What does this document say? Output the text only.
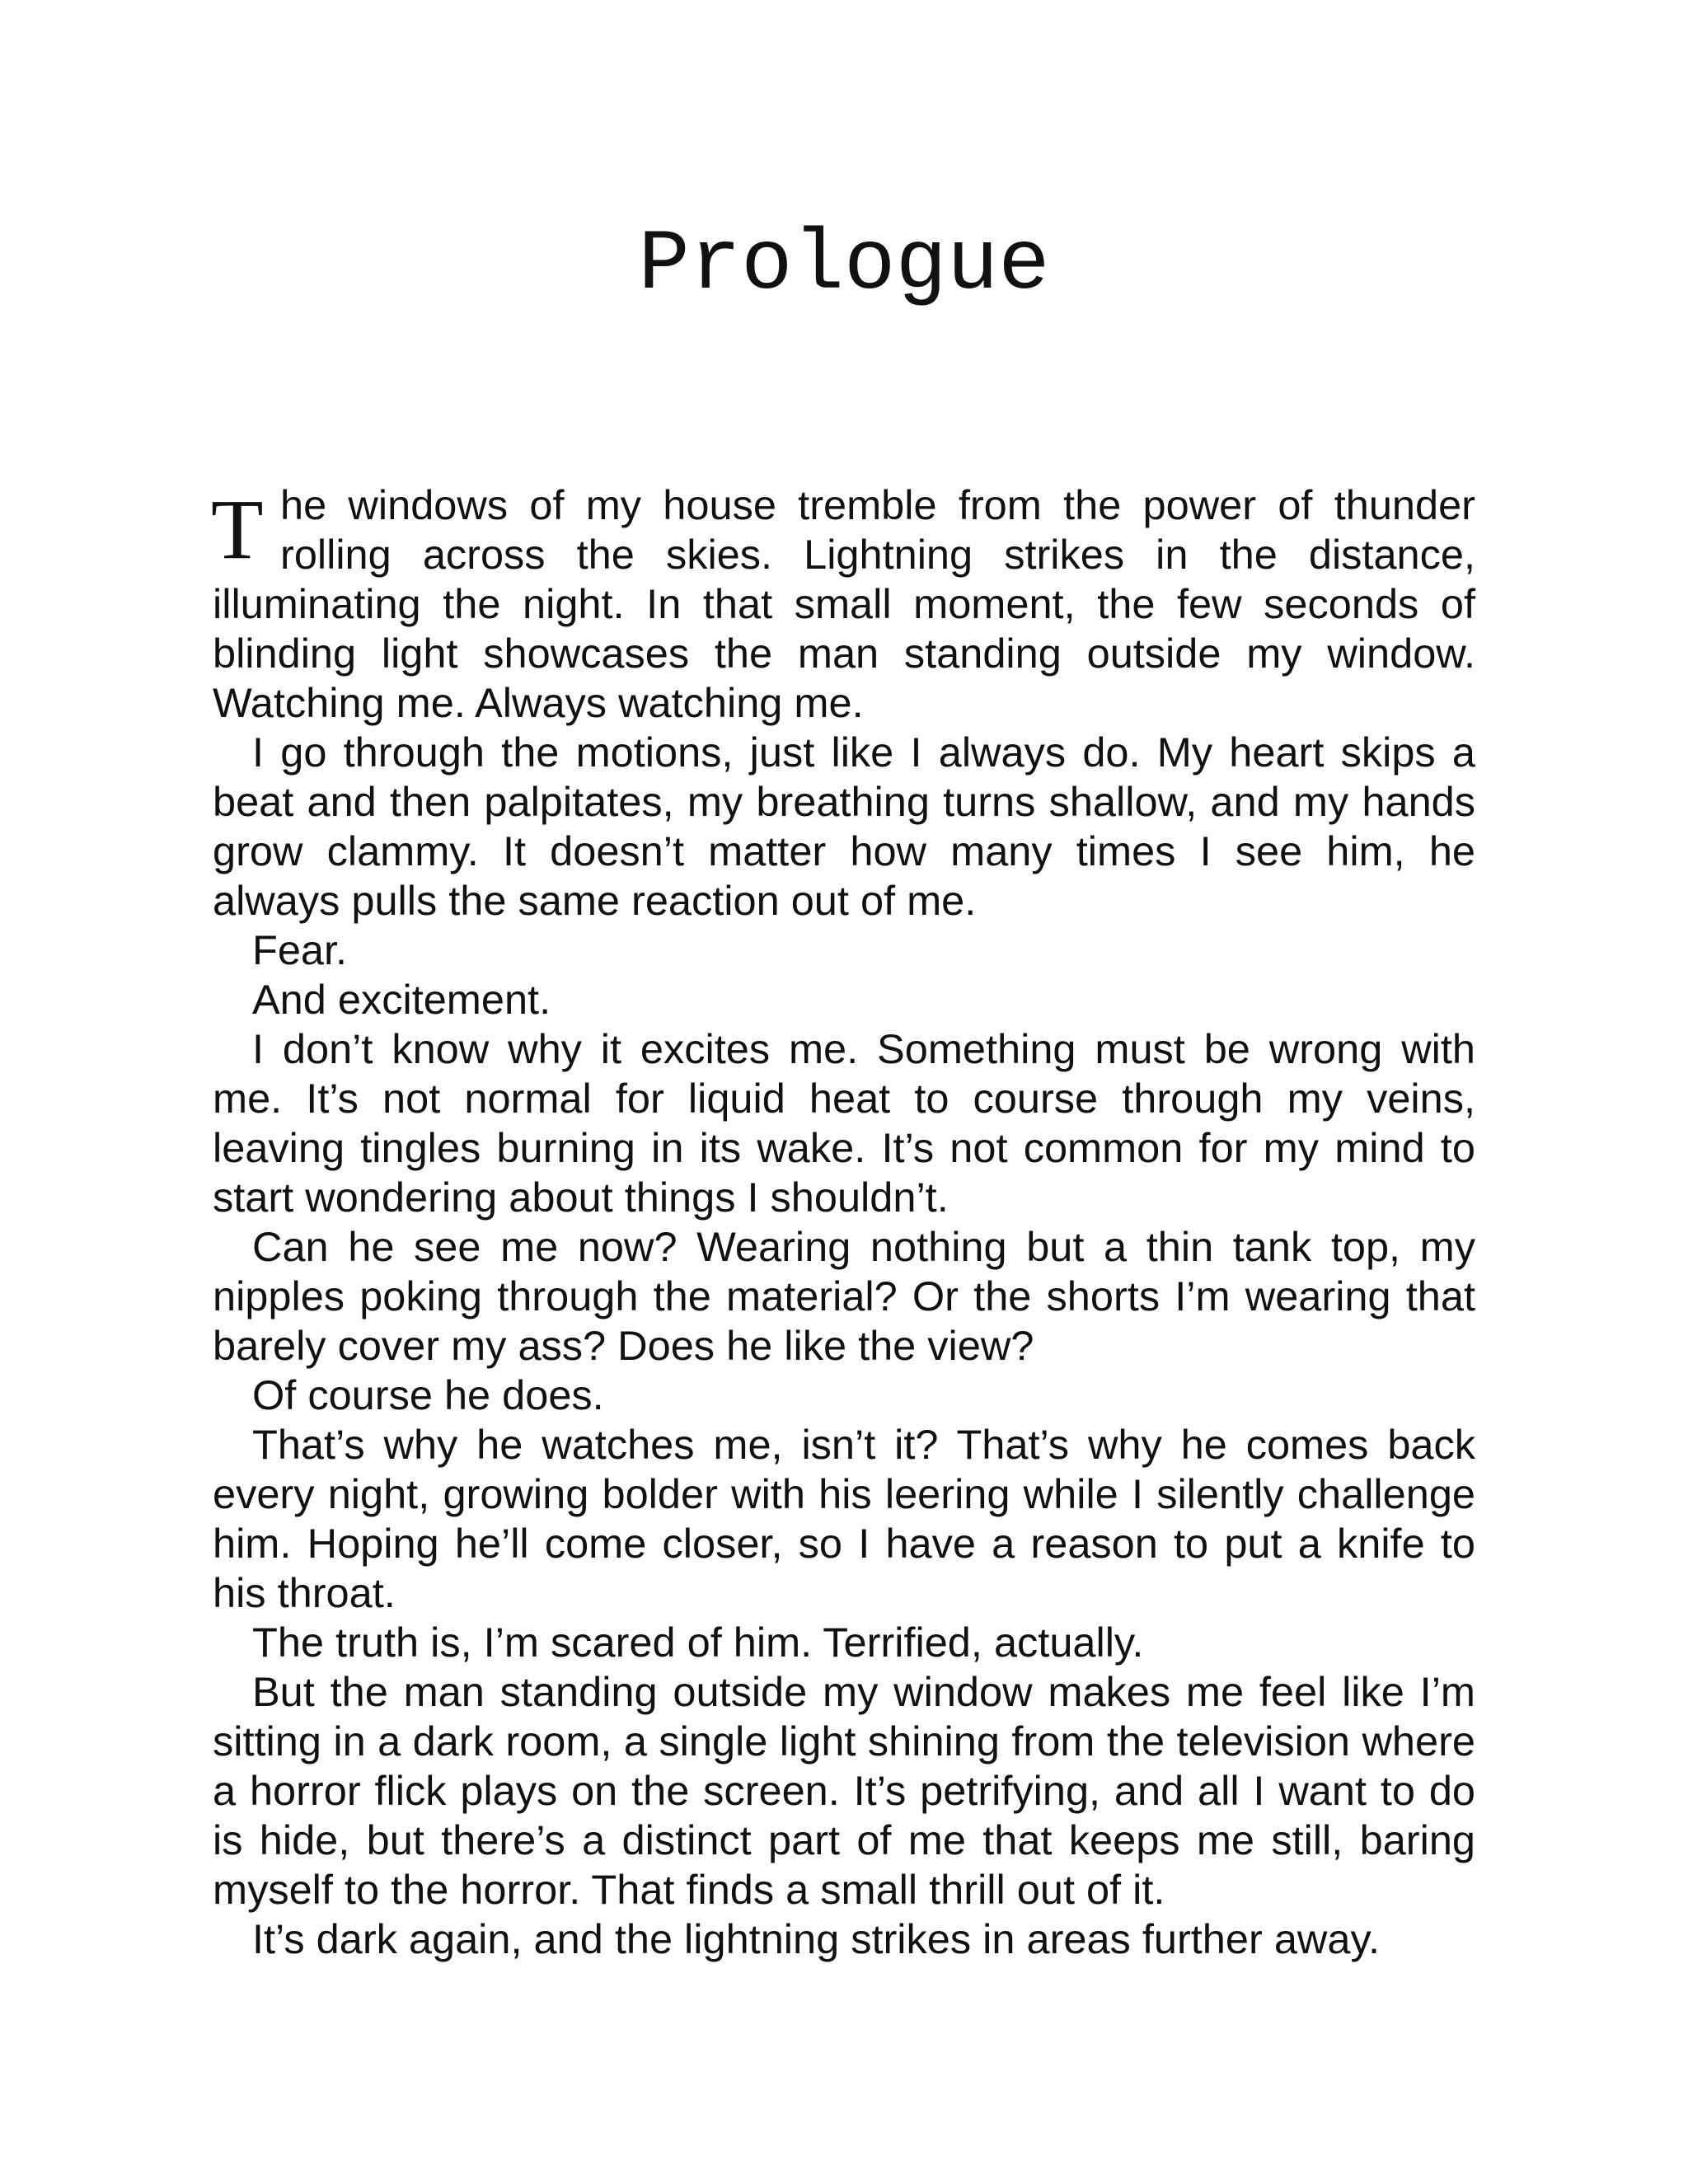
Prologue
T he windows of my house tremble from the power of thunder
rolling across the skies. Lightning strikes in the distance,
illuminating the night. In that small moment, the few seconds of
blinding light showcases the man standing outside my window. Watching me. Always watching me.

I go through the motions, just like I always do. My heart skips a beat and then palpitates, my breathing turns shallow, and my hands grow clammy. It doesn’t matter how many times I see him, he always pulls the same reaction out of me.

Fear.

And excitement.

I don’t know why it excites me. Something must be wrong with me. It’s not normal for liquid heat to course through my veins, leaving tingles burning in its wake. It’s not common for my mind to start wondering about things I shouldn’t.

Can he see me now? Wearing nothing but a thin tank top, my nipples poking through the material? Or the shorts I’m wearing that barely cover my ass? Does he like the view?

Of course he does.

That’s why he watches me, isn’t it? That’s why he comes back every night, growing bolder with his leering while I silently challenge him. Hoping he’ll come closer, so I have a reason to put a knife to his throat.

The truth is, I’m scared of him. Terrified, actually.

But the man standing outside my window makes me feel like I’m sitting in a dark room, a single light shining from the television where a horror flick plays on the screen. It’s petrifying, and all I want to do is hide, but there’s a distinct part of me that keeps me still, baring myself to the horror. That finds a small thrill out of it.

It’s dark again, and the lightning strikes in areas further away.
